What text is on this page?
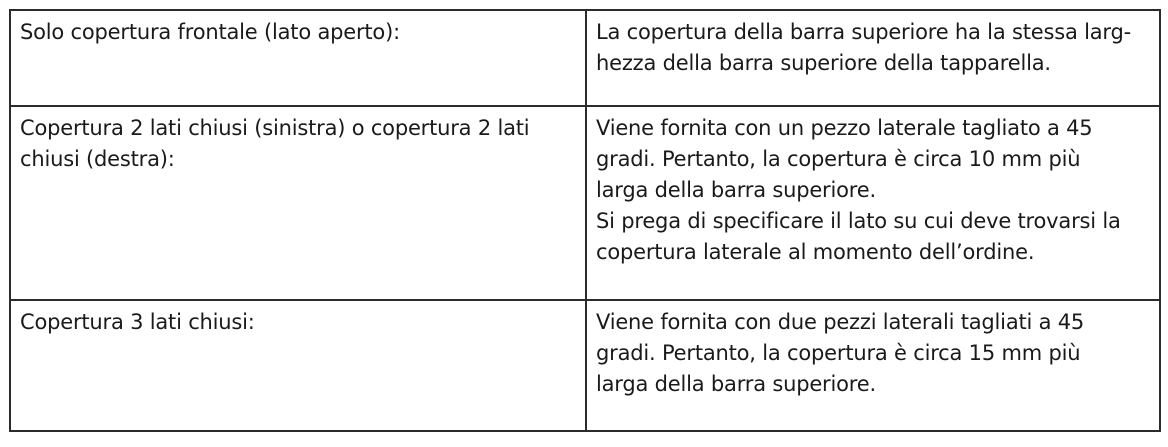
Solo copertura frontale (lato aperto):	La copertura della barra superiore ha la stessa larg-
hezza della barra superiore della tapparella.
Copertura 2 lati chiusi (sinistra) o copertura 2 lati
chiusi (destra):	Viene fornita con un pezzo laterale tagliato a 45
gradi. Pertanto, la copertura è circa 10 mm più
larga della barra superiore.
Si prega di specificare il lato su cui deve trovarsi la
copertura laterale al momento dell’ordine.
Copertura 3 lati chiusi:	Viene fornita con due pezzi laterali tagliati a 45
gradi. Pertanto, la copertura è circa 15 mm più
larga della barra superiore.
